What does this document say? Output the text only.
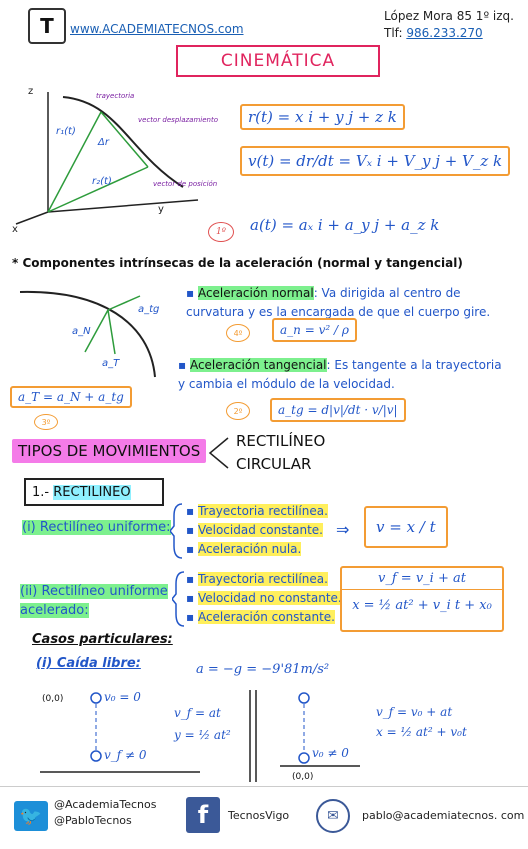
T www.ACADEMIATECNOS.com
López Mora 85 1º izq.
Tlf: 986.233.270
CINEMÁTICA
z
y
x
r₁(t)
r₂(t)
Δr
trayectoria
vector desplazamiento
vector de posición
r(t) = x i + y j + z k
v(t) = dr/dt = Vₓ i + V_y j + V_z k
1º	a(t) = aₓ i + a_y j + a_z k
* Componentes intrínsecas de la aceleración (normal y tangencial)
a_tg
a_N
a_T
a_T = a_N + a_tg
3º
▪ Aceleración normal: Va dirigida al centro de
curvatura y es la encargada de que el cuerpo gire.
4º	a_n = v² / ρ
▪ Aceleración tangencial: Es tangente a la trayectoria
y cambia el módulo de la velocidad.
2º	a_tg = d|v|/dt · v/|v|
TIPOS DE MOVIMIENTOS
RECTILÍNEO
CIRCULAR
1.-
RECTILINEO
(i) Rectilíneo uniforme:
▪ Trayectoria rectilínea.
▪ Velocidad constante.
▪ Aceleración nula.
⇒	v = x / t
(ii) Rectilíneo uniforme
acelerado:
▪ Trayectoria rectilínea.
▪ Velocidad no constante.
▪ Aceleración constante.
v_f = v_i + at
x = ½ at² + v_i t + x₀
Casos particulares:
(i) Caída libre:	a = −g = −9'81m/s²
(0,0)	v₀ = 0
v_f ≠ 0
v_f = at
y = ½ at²
v₀ ≠ 0
(0,0)
v_f = v₀ + at
x = ½ at² + v₀t
🐦
@AcademiaTecnos
@PabloTecnos	f	TecnosVigo	✉	pablo@academiatecnos. com
